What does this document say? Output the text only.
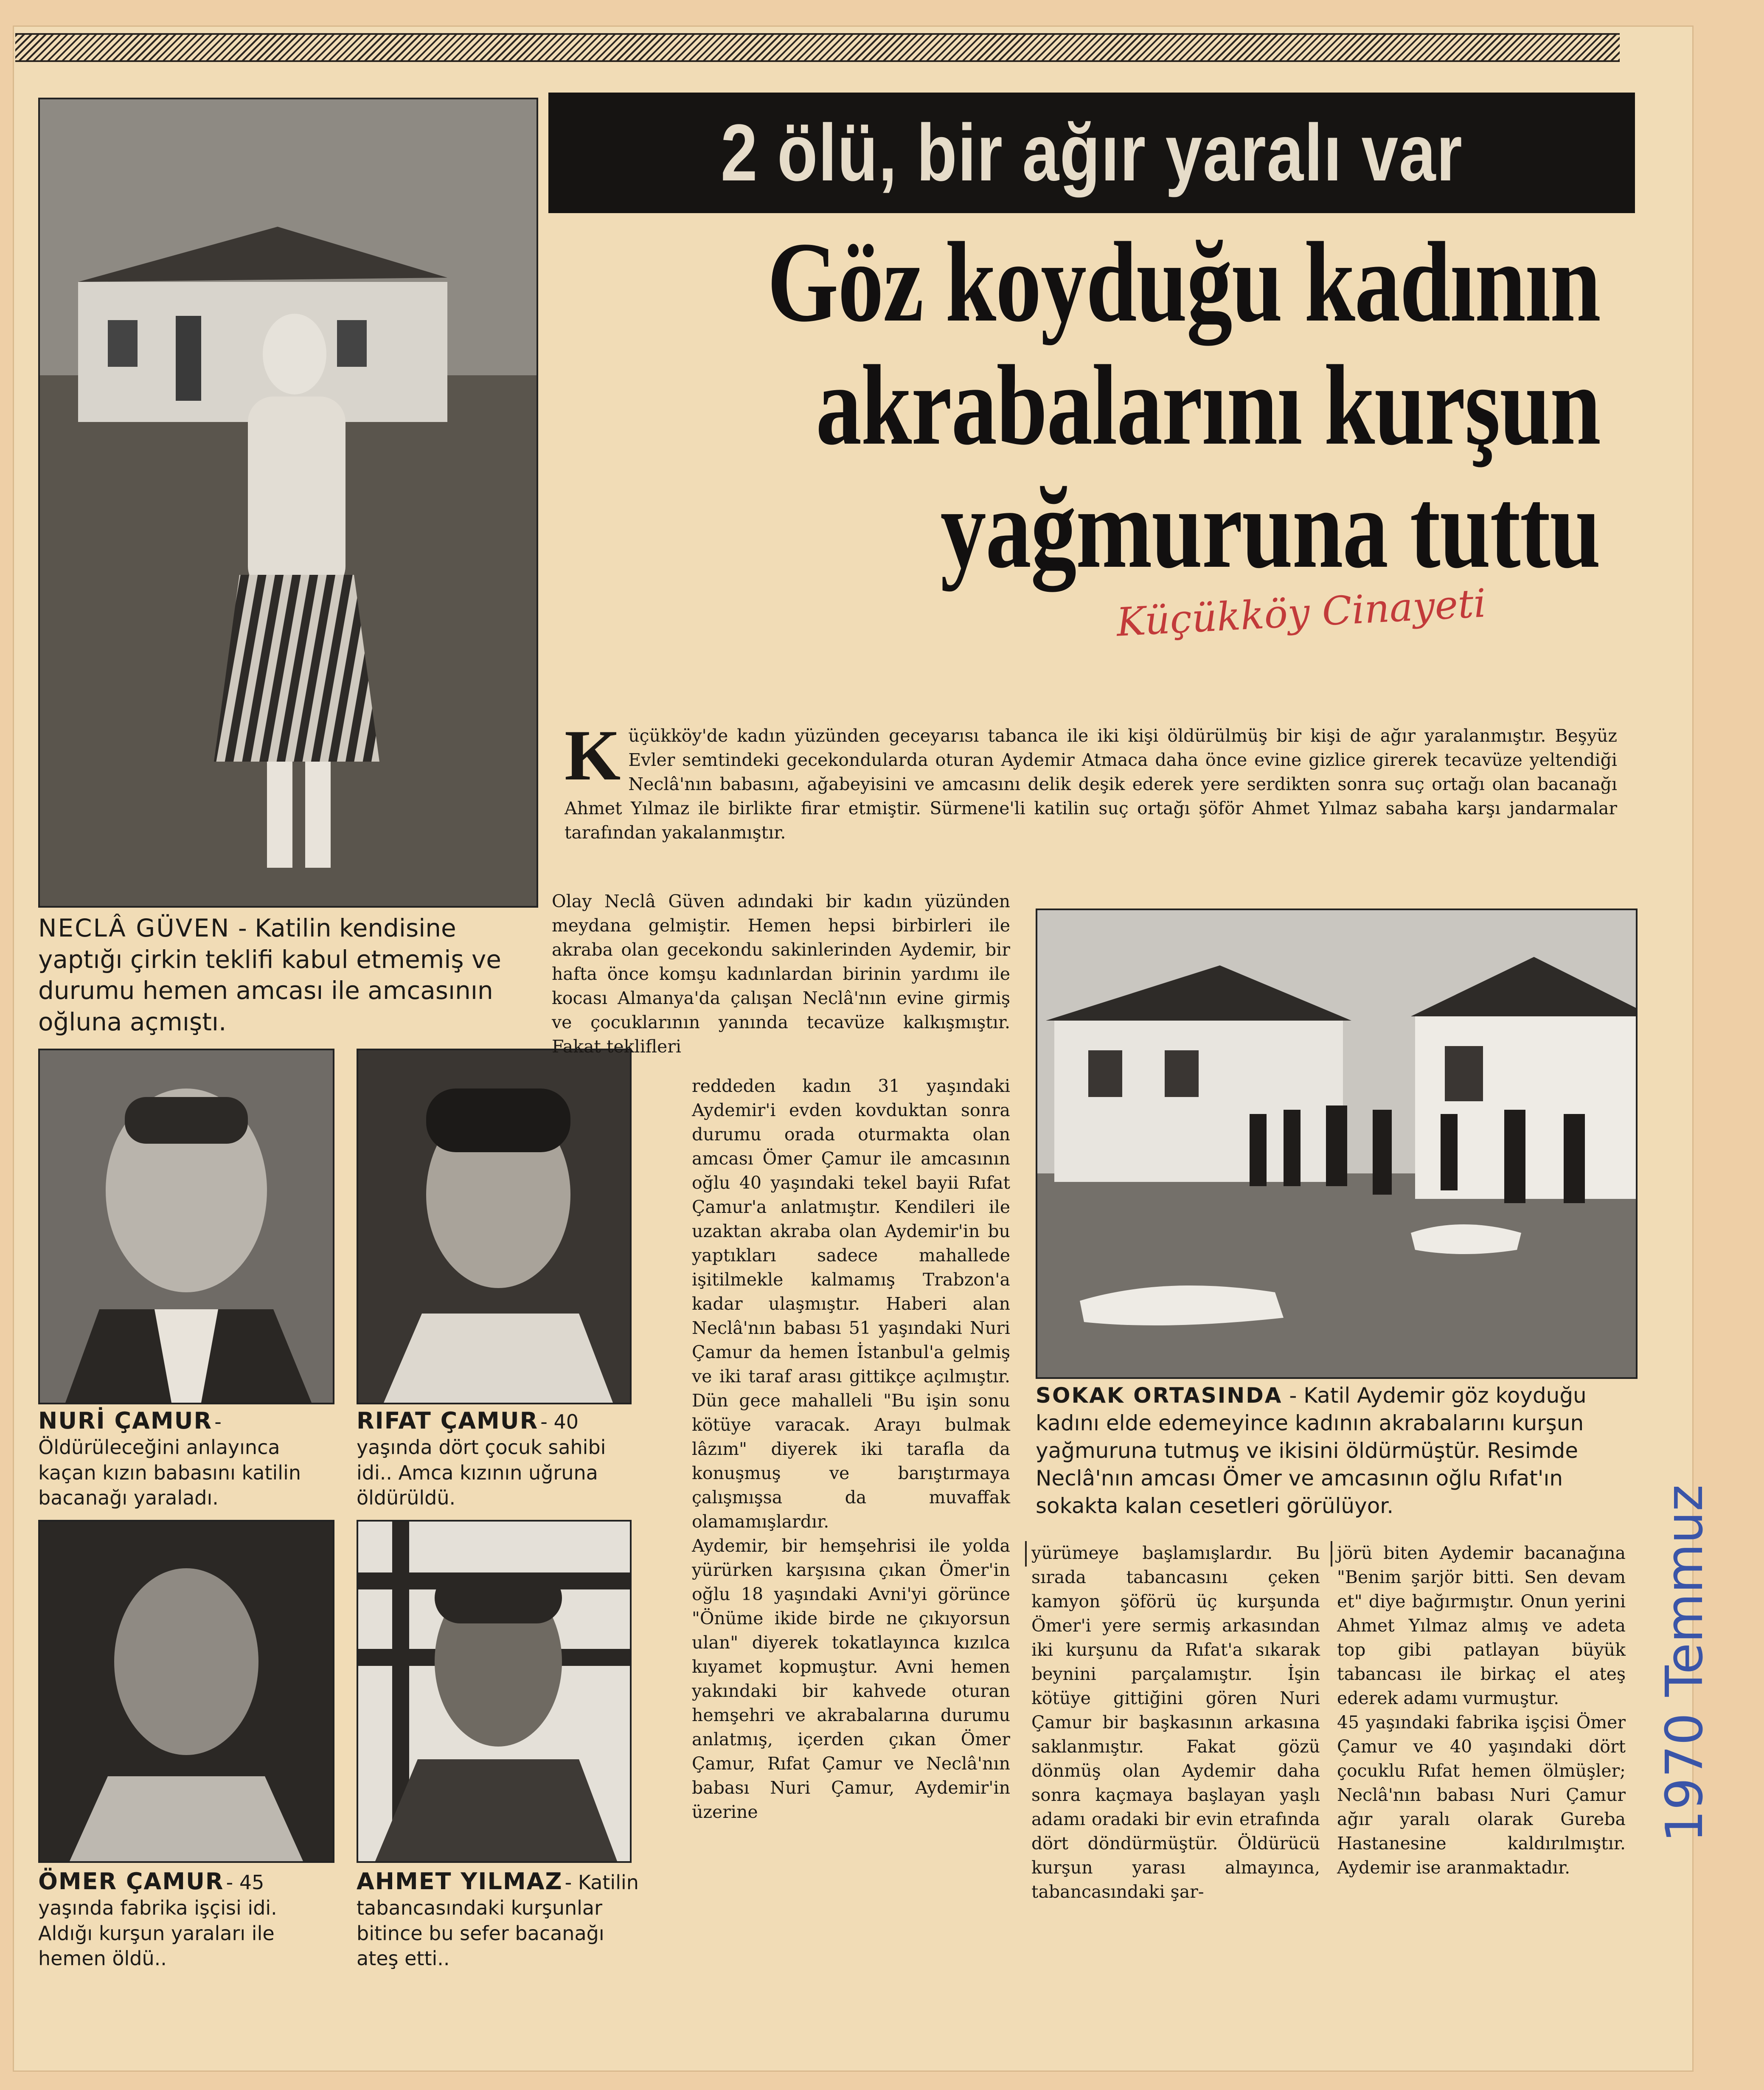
2 ölü, bir ağır yaralı var
Göz koyduğu kadının
akrabalarını kurşun
yağmuruna tuttu
Küçükköy Cinayeti
NECLÂ GÜVEN - Katilin kendisine yaptığı çirkin teklifi kabul etmemiş ve durumu hemen amcası ile amcasının oğluna açmıştı.
NURİ ÇAMUR - Öldürüleceğini anlayınca kaçan kızın babasını katilin bacanağı yaraladı.
RIFAT ÇAMUR - 40 yaşında dört çocuk sahibi idi.. Amca kızının uğruna öldürüldü.
ÖMER ÇAMUR - 45 yaşında fabrika işçisi idi. Aldığı kurşun yaraları ile hemen öldü..
AHMET YILMAZ - Katilin tabancasındaki kurşunlar bitince bu sefer bacanağı ateş etti..
K üçükköy'de kadın yüzünden geceyarısı tabanca ile iki kişi öldürülmüş bir kişi de ağır yaralanmıştır. Beşyüz Evler semtindeki gecekondularda oturan Aydemir Atmaca daha önce evine gizlice girerek tecavüze yeltendiği Neclâ'nın babasını, ağabeyisini ve amcasını delik deşik ederek yere serdikten sonra suç ortağı olan bacanağı Ahmet Yılmaz ile birlikte firar etmiştir. Sürmene'li katilin suç ortağı şöför Ahmet Yılmaz sabaha karşı jandarmalar tarafından yakalanmıştır.
Olay Neclâ Güven adındaki bir kadın yüzünden meydana gelmiştir. Hemen hepsi birbirleri ile akraba olan gecekondu sakinlerinden Aydemir, bir hafta önce komşu kadınlardan birinin yardımı ile kocası Almanya'da çalışan Neclâ'nın evine girmiş ve çocuklarının yanında tecavüze kalkışmıştır. Fakat teklifleri
reddeden kadın 31 yaşındaki Aydemir'i evden kovduktan sonra durumu orada oturmakta olan amcası Ömer Çamur ile amcasının oğlu 40 yaşındaki tekel bayii Rıfat Çamur'a anlatmıştır. Kendileri ile uzaktan akraba olan Aydemir'in bu yaptıkları sadece mahallede işitilmekle kalmamış Trabzon'a kadar ulaşmıştır. Haberi alan Neclâ'nın babası 51 yaşındaki Nuri Çamur da hemen İstanbul'a gelmiş ve iki taraf arası gittikçe açılmıştır. Dün gece mahalleli "Bu işin sonu kötüye varacak. Arayı bulmak lâzım" diyerek iki tarafla da konuşmuş ve barıştırmaya çalışmışsa da muvaffak olamamışlardır.
Aydemir, bir hemşehrisi ile yolda yürürken karşısına çıkan Ömer'in oğlu 18 yaşındaki Avni'yi görünce "Önüme ikide birde ne çıkıyorsun ulan" diyerek tokatlayınca kızılca kıyamet kopmuştur. Avni hemen yakındaki bir kahvede oturan hemşehri ve akrabalarına durumu anlatmış, içerden çıkan Ömer Çamur, Rıfat Çamur ve Neclâ'nın babası Nuri Çamur, Aydemir'in üzerine
SOKAK ORTASINDA - Katil Aydemir göz koyduğu kadını elde edemeyince kadının akrabalarını kurşun yağmuruna tutmuş ve ikisini öldürmüştür. Resimde Neclâ'nın amcası Ömer ve amcasının oğlu Rıfat'ın sokakta kalan cesetleri görülüyor.
yürümeye başlamışlardır. Bu sırada tabancasını çeken kamyon şöförü üç kurşunda Ömer'i yere sermiş arkasından iki kurşunu da Rıfat'a sıkarak beynini parçalamıştır. İşin kötüye gittiğini gören Nuri Çamur bir başkasının arkasına saklanmıştır. Fakat gözü dönmüş olan Aydemir daha sonra kaçmaya başlayan yaşlı adamı oradaki bir evin etrafında dört döndürmüştür. Öldürücü kurşun yarası almayınca, tabancasındaki şar-
jörü biten Aydemir bacanağına "Benim şarjör bitti. Sen devam et" diye bağırmıştır. Onun yerini Ahmet Yılmaz almış ve adeta top gibi patlayan büyük tabancası ile birkaç el ateş ederek adamı vurmuştur.
45 yaşındaki fabrika işçisi Ömer Çamur ve 40 yaşındaki dört çocuklu Rıfat hemen ölmüşler; Neclâ'nın babası Nuri Çamur ağır yaralı olarak Gureba Hastanesine kaldırılmıştır. Aydemir ise aranmaktadır.
1970 Temmuz
